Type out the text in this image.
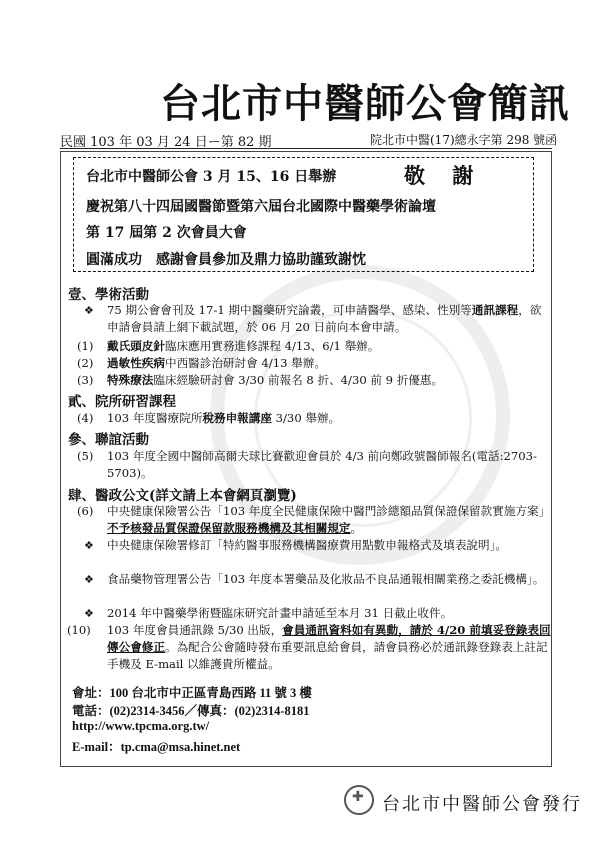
台北市中醫師公會簡訊
民國 103 年 03 月 24 日ー第 82 期	院北市中醫(17)總永字第 298 號函
台北市中醫師公會 3 月 15、16 日舉辦	敬 謝
慶祝第八十四屆國醫節暨第六屆台北國際中醫藥學術論壇
第 17 屆第 2 次會員大會
圓滿成功　感謝會員參加及鼎力協助謹致謝忱
壹、學術活動
❖ 75 期公會會刊及 17-1 期中醫藥研究論叢，可申請醫學、感染、性別等通訊課程，欲申請會員請上網下載試題，於 06 月 20 日前向本會申請。
(1) 戴氏頭皮針臨床應用實務進修課程 4/13、6/1 舉辦。
(2) 過敏性疾病中西醫診治研討會 4/13 舉辦。
(3) 特殊療法臨床經驗研討會 3/30 前報名 8 折、4/30 前 9 折優惠。
貳、院所研習課程
(4) 103 年度醫療院所稅務申報講座 3/30 舉辦。
參、聯誼活動
(5) 103 年度全國中醫師高爾夫球比賽歡迎會員於 4/3 前向鄭政號醫師報名(電話:2703-5703)。
肆、醫政公文(詳文請上本會網頁瀏覽)
(6) 中央健康保險署公告「103 年度全民健康保險中醫門診總額品質保證保留款實施方案」不予核發品質保證保留款服務機構及其相關規定。
❖ 中央健康保險署修訂「特約醫事服務機構醫療費用點數申報格式及填表說明」。
❖ 食品藥物管理署公告「103 年度本署藥品及化妝品不良品通報相關業務之委託機構」。
❖ 2014 年中醫藥學術暨臨床研究計畫申請延至本月 31 日截止收件。
(10) 103 年度會員通訊錄 5/30 出版，會員通訊資料如有異動，請於 4/20 前填妥登錄表回傳公會修正。為配合公會隨時發布重要訊息給會員，請會員務必於通訊錄登錄表上註記手機及 E-mail 以維護貴所權益。
會址：100 台北市中正區青島西路 11 號 3 樓
電話：(02)2314-3456／傳真：(02)2314-8181
http://www.tpcma.org.tw/
E-mail：tp.cma@msa.hinet.net
✚
台北市中醫師公會發行
